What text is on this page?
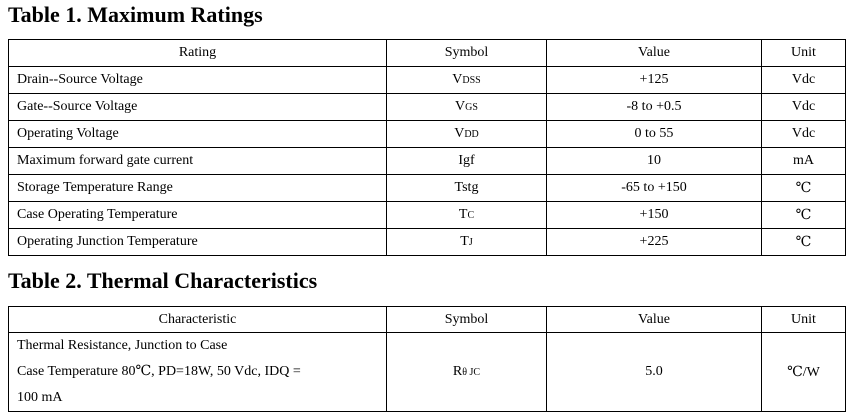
Table 1. Maximum Ratings
Rating	Symbol	Value	Unit
Drain--Source Voltage	VDSS	+125	Vdc
Gate--Source Voltage	VGS	-8 to +0.5	Vdc
Operating Voltage	VDD	0 to 55	Vdc
Maximum forward gate current	Igf	10	mA
Storage Temperature Range	Tstg	-65 to +150	℃
Case Operating Temperature	TC	+150	℃
Operating Junction Temperature	TJ	+225	℃
Table 2. Thermal Characteristics
Characteristic	Symbol	Value	Unit

Thermal Resistance, Junction to Case
Case Temperature 80℃, PD=18W, 50 Vdc, IDQ =
100 mA	Rθ JC	5.0	℃/W
